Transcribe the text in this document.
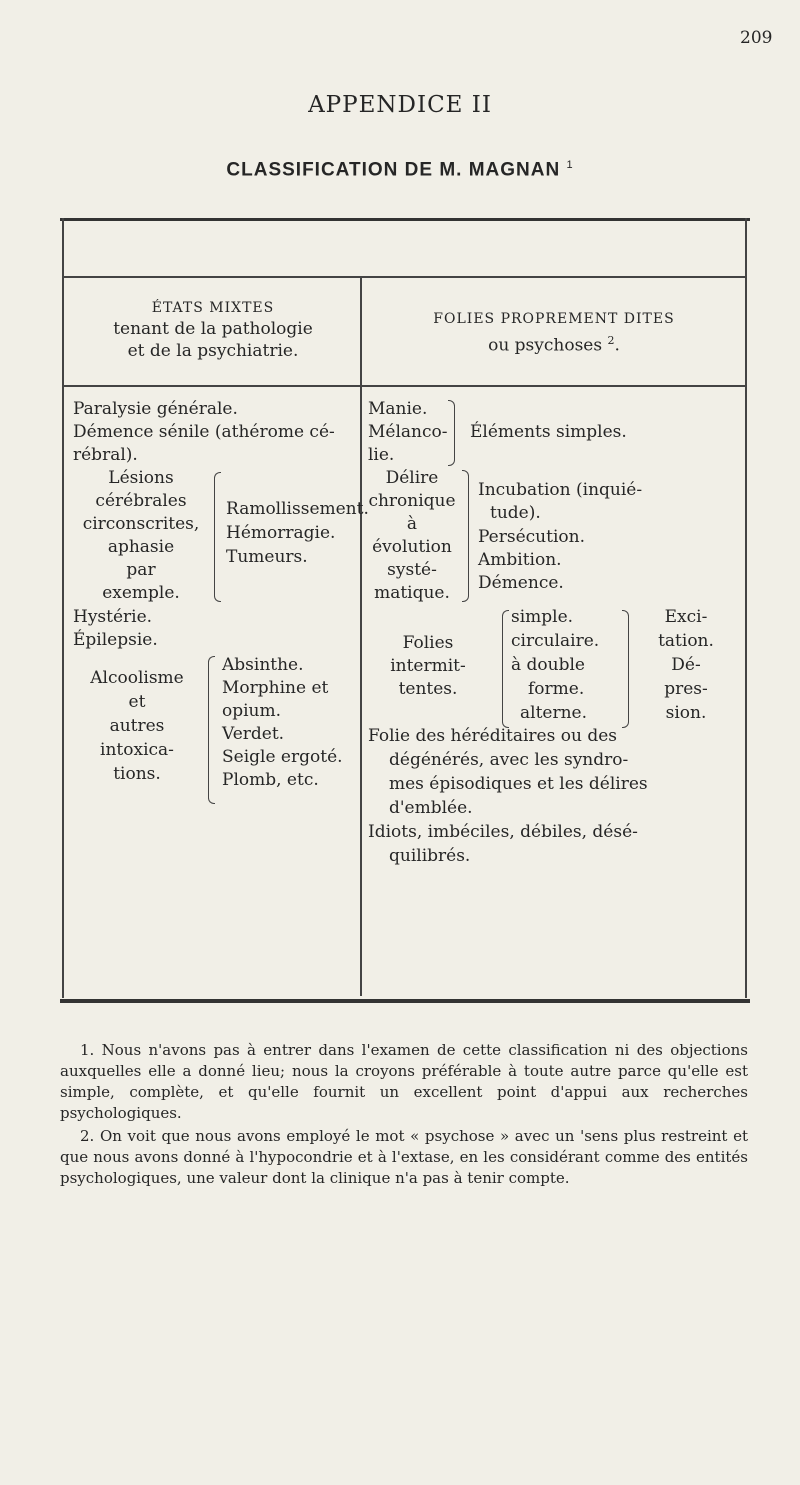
209
APPENDICE II
CLASSIFICATION DE M. MAGNAN $^1$
ÉTATS MIXTES
tenant de la pathologie
et de la psychiatrie.
FOLIES PROPREMENT DITES
ou psychoses $^2$.
Paralysie générale.
Démence sénile (athérome cé-
rébral).
Lésions
cérébrales
circonscrites,
aphasie
par
exemple.
Ramollissement.
Hémorragie.
Tumeurs.
Hystérie.
Épilepsie.
Alcoolisme
et
autres
intoxica-
tions.
Absinthe.
Morphine et
opium.
Verdet.
Seigle ergoté.
Plomb, etc.
Manie.
Mélanco-
lie.
Éléments simples.
Délire
chronique
à
évolution
systé-
matique.
Incubation (inquié-
tude).
Persécution.
Ambition.
Démence.
Folies
intermit-
tentes.
simple.
circulaire.
à double
forme.
alterne.
Exci-
tation.
Dé-
pres-
sion.
Folie des héréditaires ou des
dégénérés, avec les syndro-
mes épisodiques et les délires
d'emblée.
Idiots, imbéciles, débiles, désé-
quilibrés.

1. Nous n'avons pas à entrer dans l'examen de cette classification ni des objections auxquelles elle a donné lieu; nous la croyons préférable à toute autre parce qu'elle est simple, complète, et qu'elle fournit un excellent point d'appui aux recherches psychologiques.

2. On voit que nous avons employé le mot « psychose » avec un 'sens plus restreint et que nous avons donné à l'hypocondrie et à l'extase, en les considérant comme des entités psychologiques, une valeur dont la clinique n'a pas à tenir compte.
